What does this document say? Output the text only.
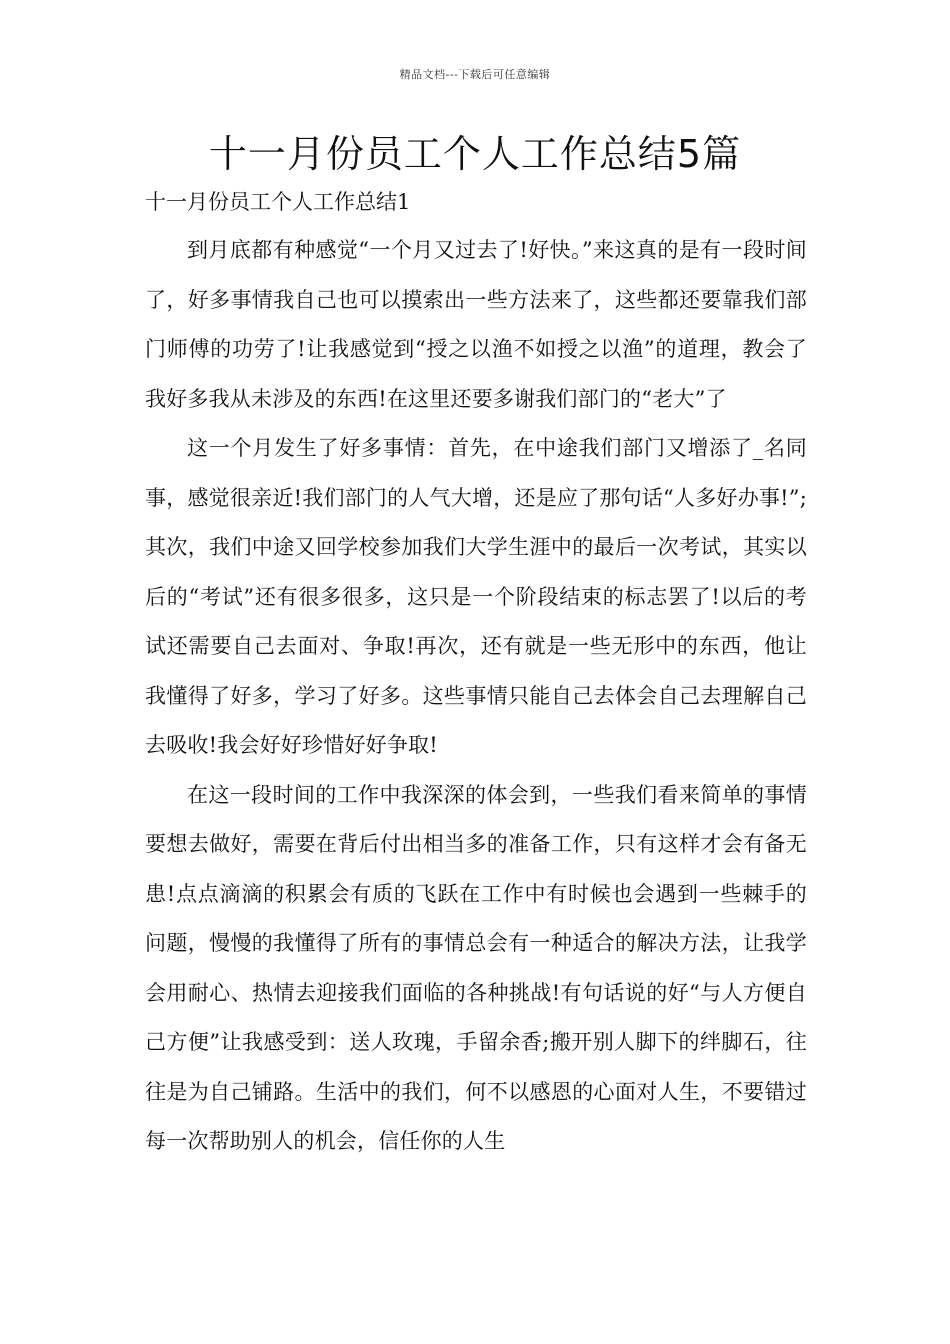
精品文档---下载后可任意编辑
十一月份员工个人工作总结5篇

十一月份员工个人工作总结1

到月底都有种感觉“一个月又过去了!好快。”来这真的是有一段时间了，好多事情我自己也可以摸索出一些方法来了，这些都还要靠我们部门师傅的功劳了!让我感觉到“授之以渔不如授之以渔”的道理，教会了我好多我从未涉及的东西!在这里还要多谢我们部门的“老大”了

这一个月发生了好多事情：首先，在中途我们部门又增添了_名同事，感觉很亲近!我们部门的人气大增，还是应了那句话“人多好办事!”;其次，我们中途又回学校参加我们大学生涯中的最后一次考试，其实以后的“考试”还有很多很多，这只是一个阶段结束的标志罢了!以后的考试还需要自己去面对、争取!再次，还有就是一些无形中的东西，他让我懂得了好多，学习了好多。这些事情只能自己去体会自己去理解自己去吸收!我会好好珍惜好好争取!

在这一段时间的工作中我深深的体会到，一些我们看来简单的事情要想去做好，需要在背后付出相当多的准备工作，只有这样才会有备无患!点点滴滴的积累会有质的飞跃在工作中有时候也会遇到一些棘手的问题，慢慢的我懂得了所有的事情总会有一种适合的解决方法，让我学会用耐心、热情去迎接我们面临的各种挑战!有句话说的好“与人方便自己方便”让我感受到：送人玫瑰，手留余香;搬开别人脚下的绊脚石，往往是为自己铺路。生活中的我们，何不以感恩的心面对人生，不要错过每一次帮助别人的机会，信任你的人生
